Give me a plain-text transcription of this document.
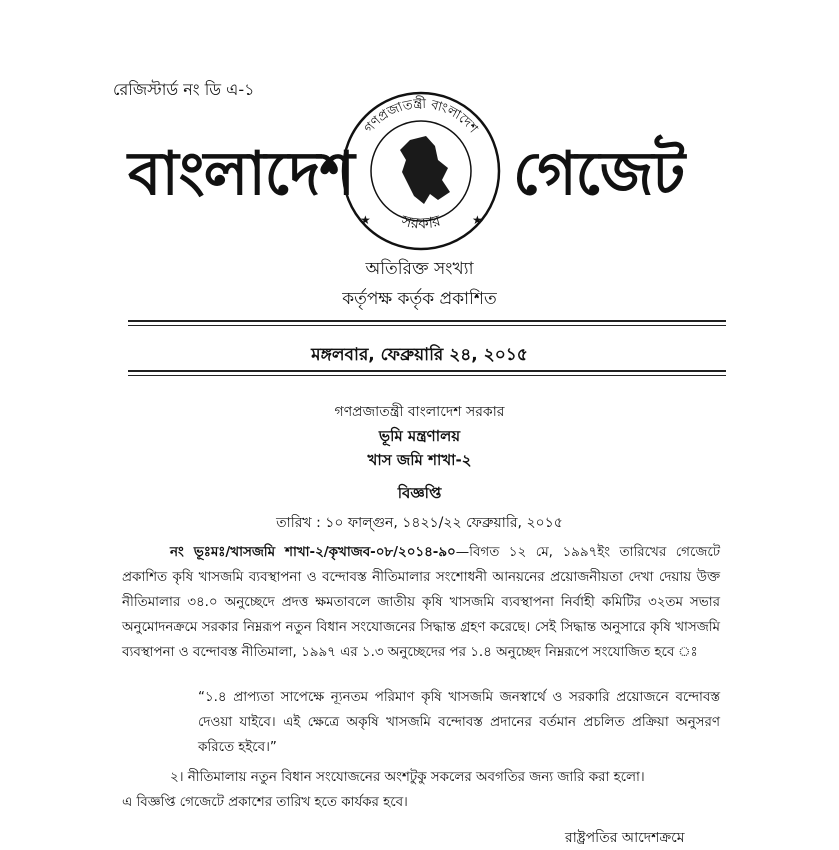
রেজিস্টার্ড নং ডি এ-১
বাংলাদেশ
গণপ্রজাতন্ত্রী বাংলাদেশ
সরকার
★	★
গেজেট
অতিরিক্ত সংখ্যা
কর্তৃপক্ষ কর্তৃক প্রকাশিত
মঙ্গলবার, ফেব্রুয়ারি ২৪, ২০১৫
গণপ্রজাতন্ত্রী বাংলাদেশ সরকার
ভূমি মন্ত্রণালয়
খাস জমি শাখা-২
বিজ্ঞপ্তি
তারিখ : ১০ ফাল্গুন, ১৪২১/২২ ফেব্রুয়ারি, ২০১৫
নং ভূঃমঃ/খাসজমি শাখা-২/কৃখাজব-০৮/২০১৪-৯০—বিগত ১২ মে, ১৯৯৭ইং তারিখের গেজেটে প্রকাশিত কৃষি খাসজমি ব্যবস্থাপনা ও বন্দোবস্ত নীতিমালার সংশোধনী আনয়নের প্রয়োজনীয়তা দেখা দেয়ায় উক্ত নীতিমালার ৩৪.০ অনুচ্ছেদে প্রদত্ত ক্ষমতাবলে জাতীয় কৃষি খাসজমি ব্যবস্থাপনা নির্বাহী কমিটির ৩২তম সভার অনুমোদনক্রমে সরকার নিম্নরূপ নতুন বিধান সংযোজনের সিদ্ধান্ত গ্রহণ করেছে। সেই সিদ্ধান্ত অনুসারে কৃষি খাসজমি ব্যবস্থাপনা ও বন্দোবস্ত নীতিমালা, ১৯৯৭ এর ১.৩ অনুচ্ছেদের পর ১.৪ অনুচ্ছেদ নিম্নরূপে সংযোজিত হবে ঃ
“১.৪ প্রাপ্যতা সাপেক্ষে ন্যূনতম পরিমাণ কৃষি খাসজমি জনস্বার্থে ও সরকারি প্রয়োজনে বন্দোবস্ত দেওয়া যাইবে। এই ক্ষেত্রে অকৃষি খাসজমি বন্দোবস্ত প্রদানের বর্তমান প্রচলিত প্রক্রিয়া অনুসরণ করিতে হইবে।”
২। নীতিমালায় নতুন বিধান সংযোজনের অংশটুকু সকলের অবগতির জন্য জারি করা হলো।
এ বিজ্ঞপ্তি গেজেটে প্রকাশের তারিখ হতে কার্যকর হবে।
রাষ্ট্রপতির আদেশক্রমে
